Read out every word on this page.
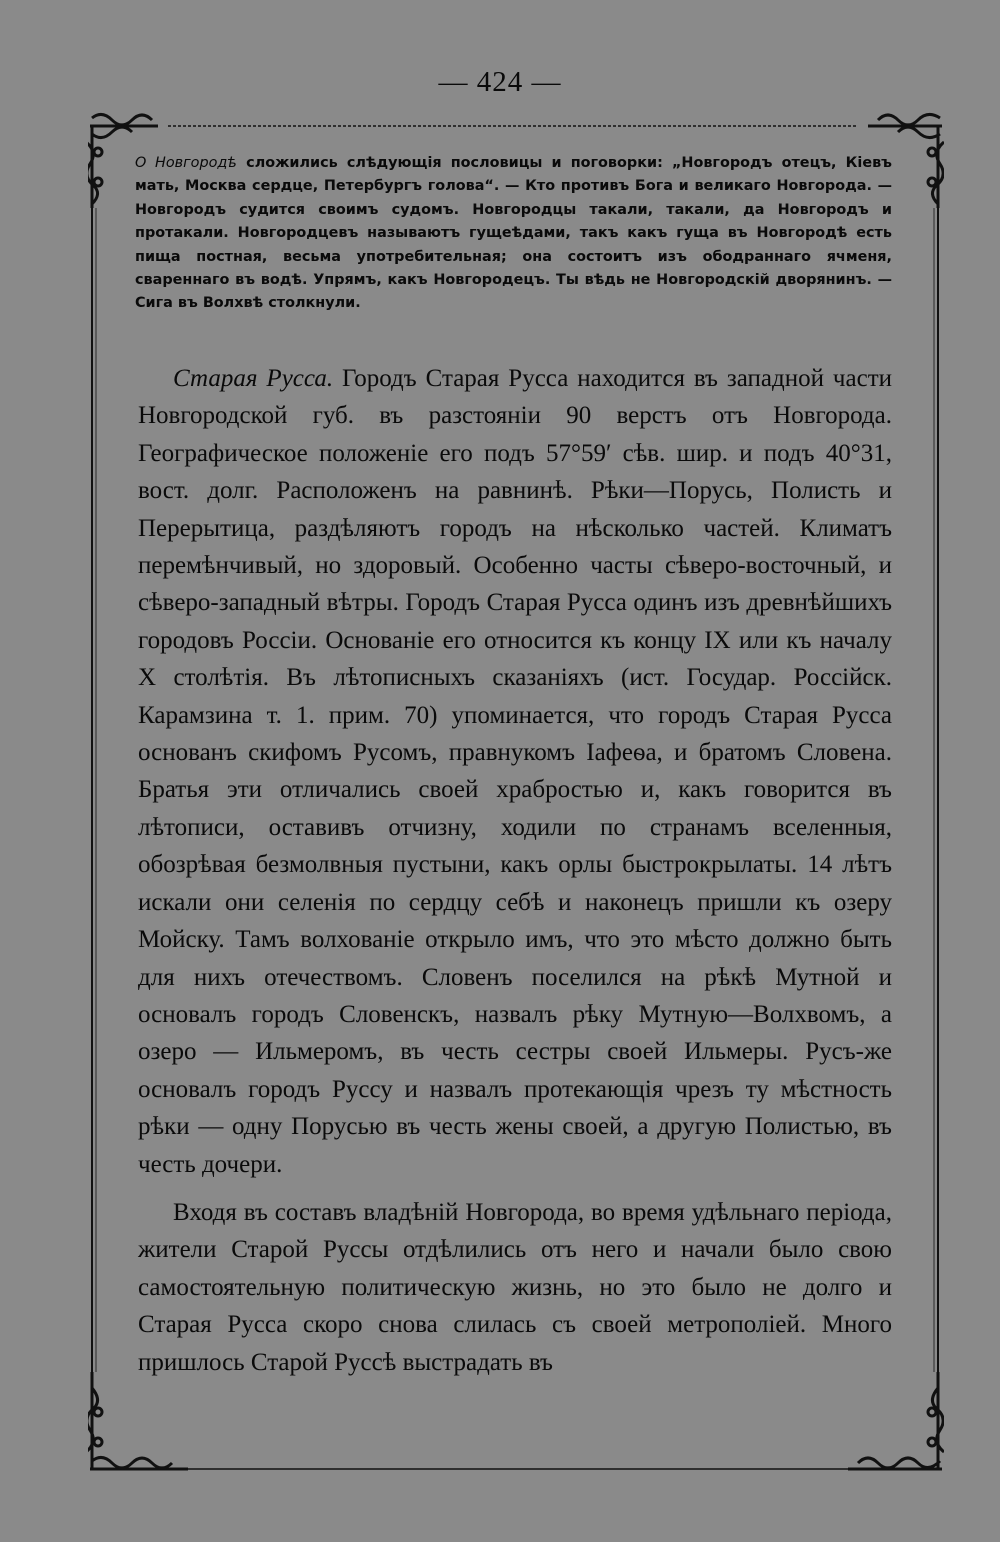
— 424 —

О Новгородѣ сложились слѣдующія пословицы и поговорки: „Новгородъ отецъ, Кіевъ мать, Москва сердце, Петербургъ голова“. — Кто противъ Бога и великаго Новгорода. — Новгородъ судится своимъ судомъ. Новгородцы такали, такали, да Новгородъ и протакали. Новгородцевъ называютъ гущеѣдами, такъ какъ гуща въ Новгородѣ есть пища постная, весьма употребительная; она состоитъ изъ ободраннаго ячменя, свареннаго въ водѣ. Упрямъ, какъ Новгородецъ. Ты вѣдь не Новгородскій дворянинъ. — Сига въ Волхвѣ столкнули.

Старая Русса. Городъ Старая Русса находится въ западной части Новгородской губ. въ разстояніи 90 верстъ отъ Новгорода. Географическое положеніе его подъ 57°59′ сѣв. шир. и подъ 40°31, вост. долг. Расположенъ на равнинѣ. Рѣки—Порусь, Полисть и Перерытица, раздѣляютъ городъ на нѣсколько частей. Климатъ перемѣнчивый, но здоровый. Особенно часты сѣверо-восточный, и сѣверо-западный вѣтры. Городъ Старая Русса одинъ изъ древнѣйшихъ городовъ Россіи. Основаніе его относится къ концу IX или къ началу X столѣтія. Въ лѣтописныхъ сказаніяхъ (ист. Государ. Россійск. Карамзина т. 1. прим. 70) упоминается, что городъ Старая Русса основанъ скифомъ Русомъ, правнукомъ Іафеѳа, и братомъ Словена. Братья эти отличались своей храбростью и, какъ говорится въ лѣтописи, оставивъ отчизну, ходили по странамъ вселенныя, обозрѣвая безмолвныя пустыни, какъ орлы быстрокрылаты. 14 лѣтъ искали они селенія по сердцу себѣ и наконецъ пришли къ озеру Мойску. Тамъ волхованіе открыло имъ, что это мѣсто должно быть для нихъ отечествомъ. Словенъ поселился на рѣкѣ Мутной и основалъ городъ Словенскъ, назвалъ рѣку Мутную—Волхвомъ, а озеро — Ильмеромъ, въ честь сестры своей Ильмеры. Русъ-же основалъ городъ Руссу и назвалъ протекающія чрезъ ту мѣстность рѣки — одну Порусью въ честь жены своей, а другую Полистью, въ честь дочери.

Входя въ составъ владѣній Новгорода, во время удѣльнаго періода, жители Старой Руссы отдѣлились отъ него и начали было свою самостоятельную политическую жизнь, но это было не долго и Старая Русса скоро снова слилась съ своей метрополіей. Много пришлось Старой Руссѣ выстрадать въ
